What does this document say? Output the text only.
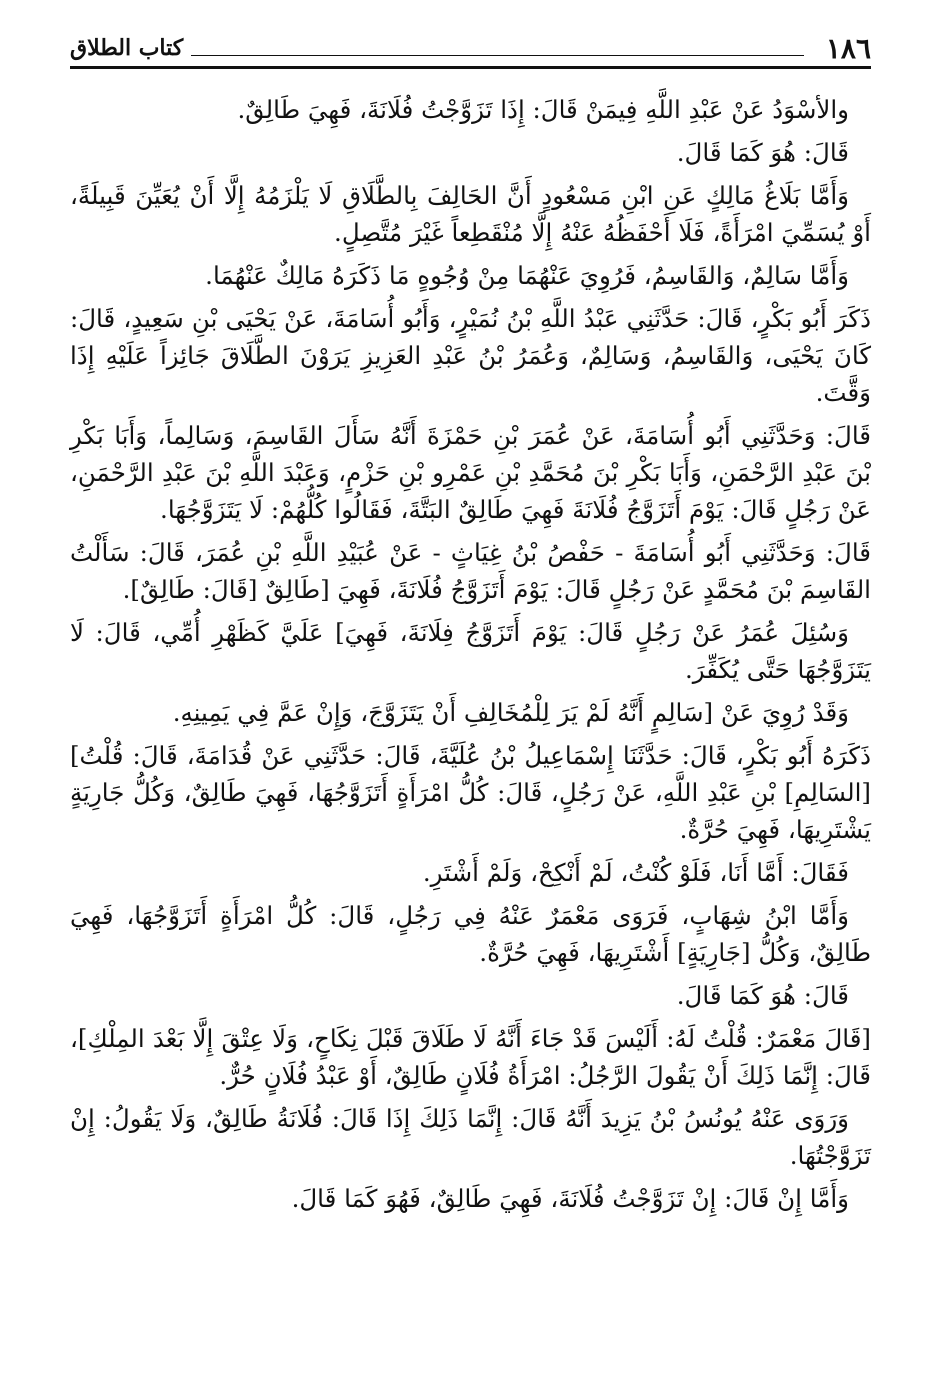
١٨٦
كتاب الطلاق

والأسْوَدُ عَنْ عَبْدِ اللَّهِ فِيمَنْ قَالَ: إِذَا تَزَوَّجْتُ فُلَانَةَ، فَهِيَ طَالِقٌ.

قَالَ: هُوَ كَمَا قَالَ.

وَأَمَّا بَلَاغُ مَالِكٍ عَنِ ابْنِ مَسْعُودٍ أَنَّ الحَالِفَ بِالطَّلَاقِ لَا يَلْزَمُهُ إِلَّا أَنْ يُعَيِّنَ قَبِيلَةً، أَوْ يُسَمِّيَ امْرَأَةً، فَلَا أَحْفَظُهُ عَنْهُ إِلَّا مُنْقَطِعاً غَيْرَ مُتَّصِلٍ.

وَأَمَّا سَالِمٌ، وَالقَاسِمُ، فَرُوِيَ عَنْهُمَا مِنْ وُجُوهٍ مَا ذَكَرَهُ مَالِكٌ عَنْهُمَا.

ذَكَرَ أَبُو بَكْرٍ، قَالَ: حَدَّثَنِي عَبْدُ اللَّهِ بْنُ نُمَيْرٍ، وَأَبُو أُسَامَةَ، عَنْ يَحْيَى بْنِ سَعِيدٍ، قَالَ: كَانَ يَحْيَى، وَالقَاسِمُ، وَسَالِمٌ، وَعُمَرُ بْنُ عَبْدِ العَزِيزِ يَرَوْنَ الطَّلَاقَ جَائِزاً عَلَيْهِ إِذَا وَقَّتَ.

قَالَ: وَحَدَّثَنِي أَبُو أُسَامَةَ، عَنْ عُمَرَ بْنِ حَمْزَةَ أَنَّهُ سَأَلَ القَاسِمَ، وَسَالِماً، وَأَبَا بَكْرِ بْنَ عَبْدِ الرَّحْمَنِ، وَأَبَا بَكْرِ بْنَ مُحَمَّدِ بْنِ عَمْرِو بْنِ حَزْمٍ، وَعَبْدَ اللَّهِ بْنَ عَبْدِ الرَّحْمَنِ، عَنْ رَجُلٍ قَالَ: يَوْمَ أَتَزَوَّجُ فُلَانَةَ فَهِيَ طَالِقٌ البَتَّةَ، فَقَالُوا كُلُّهُمْ: لَا يَتَزَوَّجُهَا.

قَالَ: وَحَدَّثَنِي أَبُو أُسَامَةَ - حَفْصُ بْنُ غِيَاثٍ - عَنْ عُبَيْدِ اللَّهِ بْنِ عُمَرَ، قَالَ: سَأَلْتُ القَاسِمَ بْنَ مُحَمَّدٍ عَنْ رَجُلٍ قَالَ: يَوْمَ أَتَزَوَّجُ فُلَانَةَ، فَهِيَ [طَالِقٌ [قَالَ: طَالِقٌ].

وَسُئِلَ عُمَرُ عَنْ رَجُلٍ قَالَ: يَوْمَ أَتَزَوَّجُ فِلَانَةَ، فَهِيَ] عَلَيَّ كَظَهْرِ أُمِّي، قَالَ: لَا يَتَزَوَّجُهَا حَتَّى يُكَفِّرَ.

وَقَدْ رُوِيَ عَنْ [سَالِمٍ أَنَّهُ لَمْ يَرَ لِلْمُخَالِفِ أَنْ يَتَزَوَّجَ، وَإِنْ عَمَّ فِي يَمِينِهِ.

ذَكَرَهُ أَبُو بَكْرٍ، قَالَ: حَدَّثَنَا إِسْمَاعِيلُ بْنُ عُلَيَّةَ، قَالَ: حَدَّثَنِي عَنْ قُدَامَةَ، قَالَ: قُلْتُ] [السَالِمِ] بْنِ عَبْدِ اللَّهِ، عَنْ رَجُلٍ، قَالَ: كُلُّ امْرَأَةٍ أَتَزَوَّجُهَا، فَهِيَ طَالِقٌ، وَكُلُّ جَارِيَةٍ يَشْتَرِيهَا، فَهِيَ حُرَّةٌ.

فَقَالَ: أَمَّا أَنَا، فَلَوْ كُنْتُ، لَمْ أَنْكِحْ، وَلَمْ أَشْتَرِ.

وَأَمَّا ابْنُ شِهَابٍ، فَرَوَى مَعْمَرٌ عَنْهُ فِي رَجُلٍ، قَالَ: كُلُّ امْرَأَةٍ أَتَزَوَّجُهَا، فَهِيَ طَالِقٌ، وَكُلُّ [جَارِيَةٍ] أَشْتَرِيهَا، فَهِيَ حُرَّةٌ.

قَالَ: هُوَ كَمَا قَالَ.

[قَالَ مَعْمَرٌ: قُلْتُ لَهُ: أَلَيْسَ قَدْ جَاءَ أَنَّهُ لَا طَلَاقَ قَبْلَ نِكَاحٍ، وَلَا عِتْقَ إِلَّا بَعْدَ المِلْكِ]، قَالَ: إِنَّمَا ذَلِكَ أَنْ يَقُولَ الرَّجُلُ: امْرَأَةُ فُلَانٍ طَالِقٌ، أَوْ عَبْدُ فُلَانٍ حُرٌّ.

وَرَوَى عَنْهُ يُونُسُ بْنُ يَزِيدَ أَنَّهُ قَالَ: إِنَّمَا ذَلِكَ إِذَا قَالَ: فُلَانَةُ طَالِقٌ، وَلَا يَقُولُ: إِنْ تَزَوَّجْتُهَا.

وَأَمَّا إِنْ قَالَ: إِنْ تَزَوَّجْتُ فُلَانَةَ، فَهِيَ طَالِقٌ، فَهُوَ كَمَا قَالَ.
